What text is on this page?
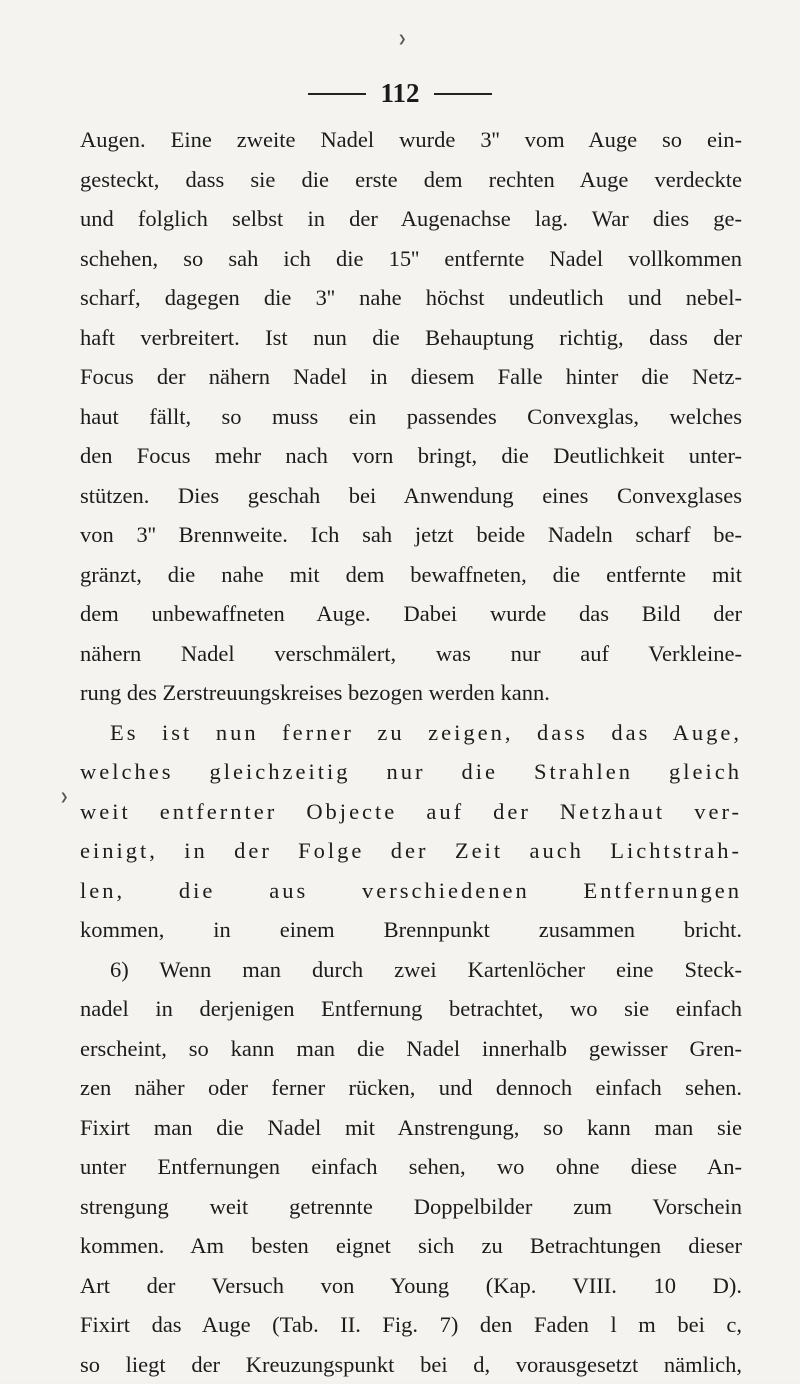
❯
❯
112
Augen. Eine zweite Nadel wurde 3'' vom Auge so ein-
gesteckt, dass sie die erste dem rechten Auge verdeckte
und folglich selbst in der Augenachse lag. War dies ge-
schehen, so sah ich die 15'' entfernte Nadel vollkommen
scharf, dagegen die 3'' nahe höchst undeutlich und nebel-
haft verbreitert. Ist nun die Behauptung richtig, dass der
Focus der nähern Nadel in diesem Falle hinter die Netz-
haut fällt, so muss ein passendes Convexglas, welches
den Focus mehr nach vorn bringt, die Deutlichkeit unter-
stützen. Dies geschah bei Anwendung eines Convexglases
von 3'' Brennweite. Ich sah jetzt beide Nadeln scharf be-
gränzt, die nahe mit dem bewaffneten, die entfernte mit
dem unbewaffneten Auge. Dabei wurde das Bild der
nähern Nadel verschmälert, was nur auf Verkleine-
rung des Zerstreuungskreises bezogen werden kann.
Es ist nun ferner zu zeigen, dass das Auge,
welches gleichzeitig nur die Strahlen gleich
weit entfernter Objecte auf der Netzhaut ver-
einigt, in der Folge der Zeit auch Lichtstrah-
len, die aus verschiedenen Entfernungen
kommen, in einem Brennpunkt zusammen bricht.
6) Wenn man durch zwei Kartenlöcher eine Steck-
nadel in derjenigen Entfernung betrachtet, wo sie einfach
erscheint, so kann man die Nadel innerhalb gewisser Gren-
zen näher oder ferner rücken, und dennoch einfach sehen.
Fixirt man die Nadel mit Anstrengung, so kann man sie
unter Entfernungen einfach sehen, wo ohne diese An-
strengung weit getrennte Doppelbilder zum Vorschein
kommen. Am besten eignet sich zu Betrachtungen dieser
Art der Versuch von Young (Kap. VIII. 10 D).
Fixirt das Auge (Tab. II. Fig. 7) den Faden l m bei c,
so liegt der Kreuzungspunkt bei d, vorausgesetzt nämlich,
